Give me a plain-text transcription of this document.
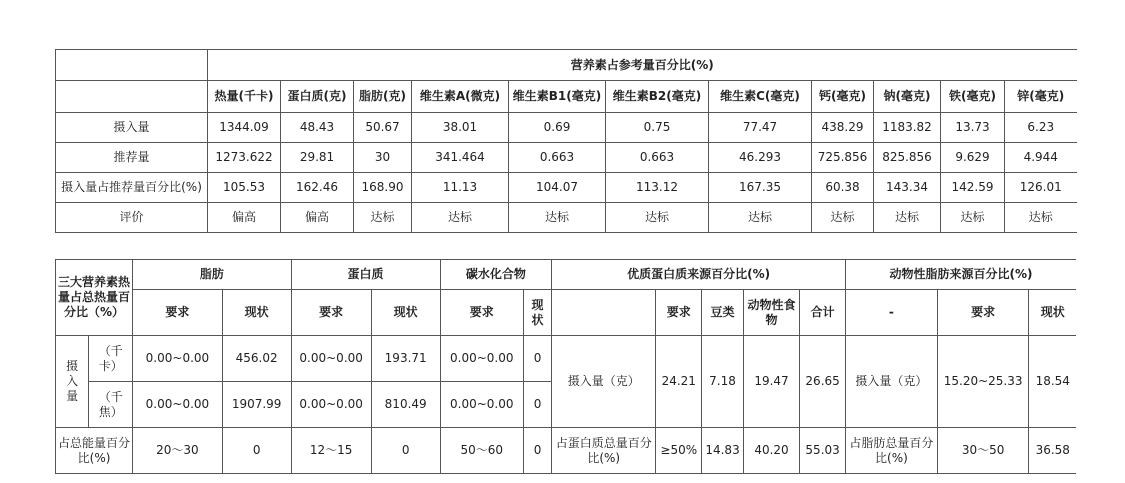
	营养素占参考量百分比(%)										
	热量(千卡)	蛋白质(克)	脂肪(克)	维生素A(微克)	维生素B1(毫克)	维生素B2(毫克)	维生素C(毫克)	钙(毫克)	钠(毫克)	铁(毫克)	锌(毫克)
摄入量	1344.09	48.43	50.67	38.01	0.69	0.75	77.47	438.29	1183.82	13.73	6.23
推荐量	1273.622	29.81	30	341.464	0.663	0.663	46.293	725.856	825.856	9.629	4.944
摄入量占推荐量百分比(%)	105.53	162.46	168.90	11.13	104.07	113.12	167.35	60.38	143.34	142.59	126.01
评价	偏高	偏高	达标	达标	达标	达标	达标	达标	达标	达标	达标
三大营养素热量占总热量百分比（%）		脂肪		蛋白质		碳水化合物		优质蛋白质来源百分比(%)					动物性脂肪来源百分比(%)		
		要求	现状	要求	现状	要求	现状		要求	豆类	动物性食物	合计	-	要求	现状
摄入量	（千卡）	0.00~0.00	456.02	0.00~0.00	193.71	0.00~0.00	0	摄入量（克）	24.21	7.18	19.47	26.65	摄入量（克）	15.20~25.33	18.54
	（千焦）	0.00~0.00	1907.99	0.00~0.00	810.49	0.00~0.00	0								
占总能量百分比(%)		20～30	0	12～15	0	50～60	0	占蛋白质总量百分比(%)	≥50%	14.83	40.20	55.03	占脂肪总量百分比(%)	30～50	36.58
